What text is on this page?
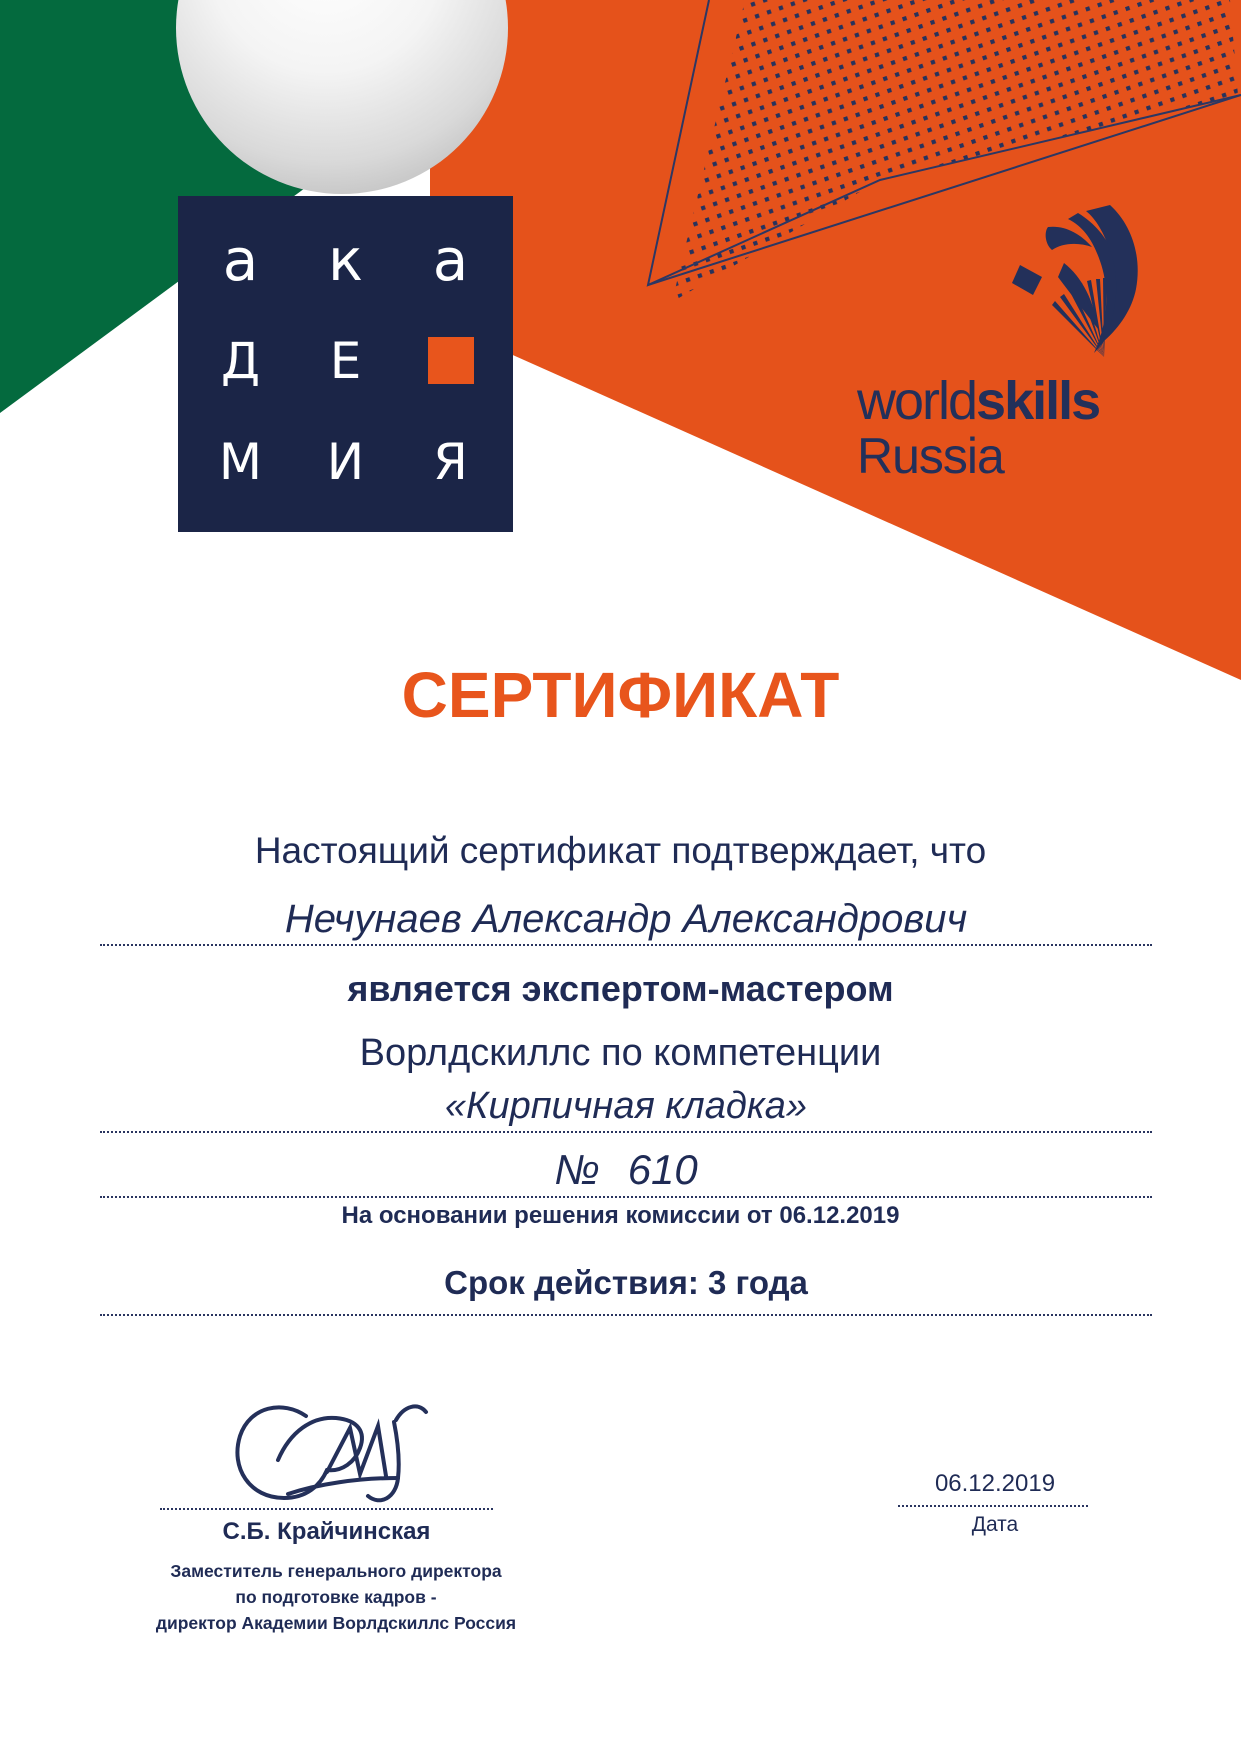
а к а
Д Е
М И Я
worldskills
Russia
СЕРТИФИКАТ
Настоящий сертификат подтверждает, что
Нечунаев Александр Александрович
является экспертом-мастером
Ворлдскиллс по компетенции
«Кирпичная кладка»
№ 610
На основании решения комиссии от 06.12.2019
Срок действия: 3 года
С.Б. Крайчинская
Заместитель генерального директора
по подготовке кадров -
директор Академии Ворлдскиллс Россия
06.12.2019
Дата
